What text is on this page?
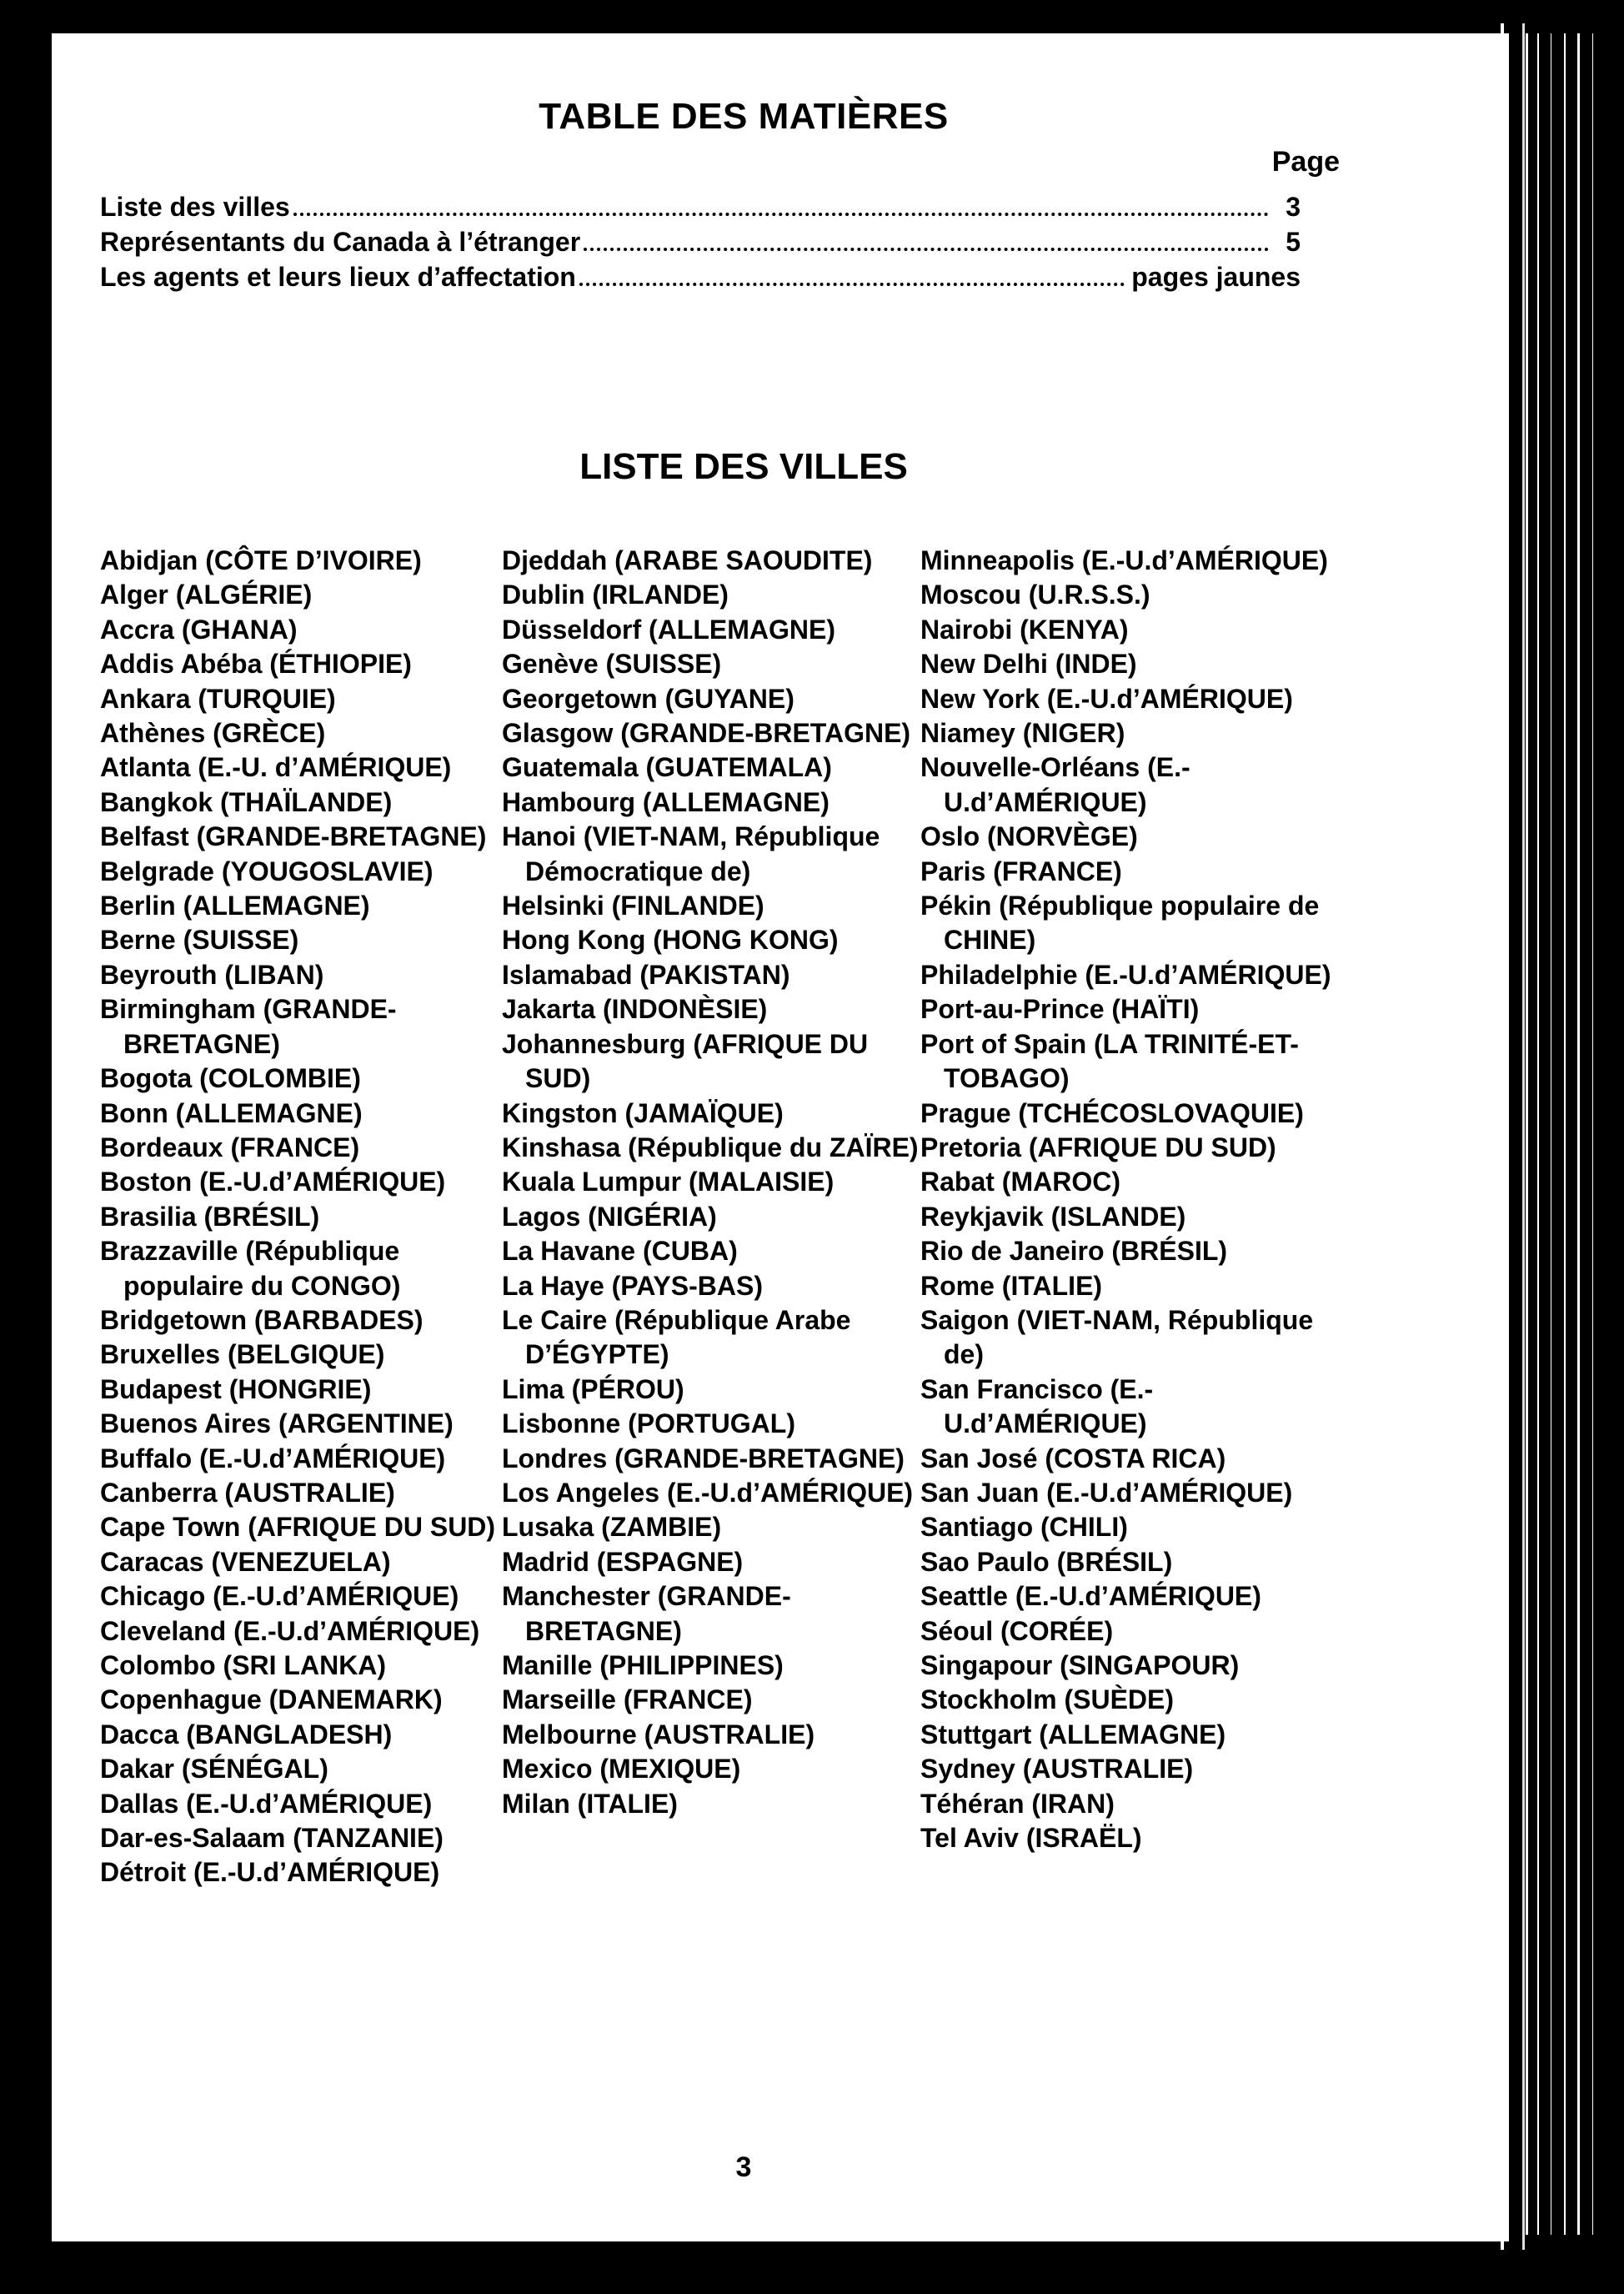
TABLE DES MATIÈRES
Page
Liste des villes	3
Représentants du Canada à l’étranger	5
Les agents et leurs lieux d’affectation	pages jaunes
LISTE DES VILLES
Abidjan (CÔTE D’IVOIRE)
Alger (ALGÉRIE)
Accra (GHANA)
Addis Abéba (ÉTHIOPIE)
Ankara (TURQUIE)
Athènes (GRÈCE)
Atlanta (E.-U. d’AMÉRIQUE)
Bangkok (THAÏLANDE)
Belfast (GRANDE-BRETAGNE)
Belgrade (YOUGOSLAVIE)
Berlin (ALLEMAGNE)
Berne (SUISSE)
Beyrouth (LIBAN)
Birmingham (GRANDE-BRETAGNE)
Bogota (COLOMBIE)
Bonn (ALLEMAGNE)
Bordeaux (FRANCE)
Boston (E.-U.d’AMÉRIQUE)
Brasilia (BRÉSIL)
Brazzaville (République populaire du CONGO)
Bridgetown (BARBADES)
Bruxelles (BELGIQUE)
Budapest (HONGRIE)
Buenos Aires (ARGENTINE)
Buffalo (E.-U.d’AMÉRIQUE)
Canberra (AUSTRALIE)
Cape Town (AFRIQUE DU SUD)
Caracas (VENEZUELA)
Chicago (E.-U.d’AMÉRIQUE)
Cleveland (E.-U.d’AMÉRIQUE)
Colombo (SRI LANKA)
Copenhague (DANEMARK)
Dacca (BANGLADESH)
Dakar (SÉNÉGAL)
Dallas (E.-U.d’AMÉRIQUE)
Dar-es-Salaam (TANZANIE)
Détroit (E.-U.d’AMÉRIQUE)
Djeddah (ARABE SAOUDITE)
Dublin (IRLANDE)
Düsseldorf (ALLEMAGNE)
Genève (SUISSE)
Georgetown (GUYANE)
Glasgow (GRANDE-BRETAGNE)
Guatemala (GUATEMALA)
Hambourg (ALLEMAGNE)
Hanoi (VIET-NAM, République Démocratique de)
Helsinki (FINLANDE)
Hong Kong (HONG KONG)
Islamabad (PAKISTAN)
Jakarta (INDONÈSIE)
Johannesburg (AFRIQUE DU SUD)
Kingston (JAMAÏQUE)
Kinshasa (République du ZAÏRE)
Kuala Lumpur (MALAISIE)
Lagos (NIGÉRIA)
La Havane (CUBA)
La Haye (PAYS-BAS)
Le Caire (République Arabe D’ÉGYPTE)
Lima (PÉROU)
Lisbonne (PORTUGAL)
Londres (GRANDE-BRETAGNE)
Los Angeles (E.-U.d’AMÉRIQUE)
Lusaka (ZAMBIE)
Madrid (ESPAGNE)
Manchester (GRANDE-BRETAGNE)
Manille (PHILIPPINES)
Marseille (FRANCE)
Melbourne (AUSTRALIE)
Mexico (MEXIQUE)
Milan (ITALIE)
Minneapolis (E.-U.d’AMÉRIQUE)
Moscou (U.R.S.S.)
Nairobi (KENYA)
New Delhi (INDE)
New York (E.-U.d’AMÉRIQUE)
Niamey (NIGER)
Nouvelle-Orléans (E.-U.d’AMÉRIQUE)
Oslo (NORVÈGE)
Paris (FRANCE)
Pékin (République populaire de CHINE)
Philadelphie (E.-U.d’AMÉRIQUE)
Port-au-Prince (HAÏTI)
Port of Spain (LA TRINITÉ-ET-TOBAGO)
Prague (TCHÉCOSLOVAQUIE)
Pretoria (AFRIQUE DU SUD)
Rabat (MAROC)
Reykjavik (ISLANDE)
Rio de Janeiro (BRÉSIL)
Rome (ITALIE)
Saigon (VIET-NAM, République de)
San Francisco (E.-U.d’AMÉRIQUE)
San José (COSTA RICA)
San Juan (E.-U.d’AMÉRIQUE)
Santiago (CHILI)
Sao Paulo (BRÉSIL)
Seattle (E.-U.d’AMÉRIQUE)
Séoul (CORÉE)
Singapour (SINGAPOUR)
Stockholm (SUÈDE)
Stuttgart (ALLEMAGNE)
Sydney (AUSTRALIE)
Téhéran (IRAN)
Tel Aviv (ISRAËL)
3
